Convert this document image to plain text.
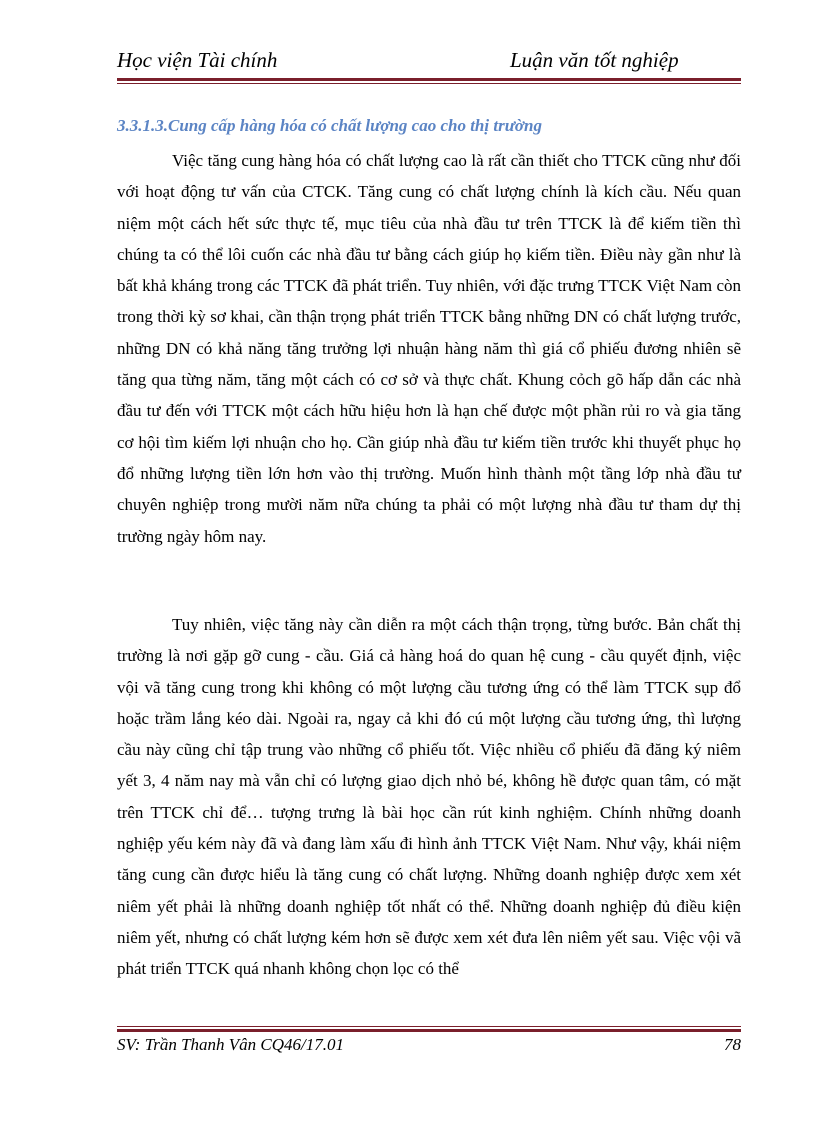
Học viện Tài chính	Luận văn tốt nghiệp
3.3.1.3.Cung cấp hàng hóa có chất lượng cao cho thị trường

Việc tăng cung hàng hóa có chất lượng cao là rất cần thiết cho TTCK cũng như đối với hoạt động tư vấn của CTCK. Tăng cung có chất lượng chính là kích cầu. Nếu quan niệm một cách hết sức thực tế, mục tiêu của nhà đầu tư trên TTCK là để kiếm tiền thì chúng ta có thể lôi cuốn các nhà đầu tư bằng cách giúp họ kiếm tiền. Điều này gần như là bất khả kháng trong các TTCK đã phát triển. Tuy nhiên, với đặc trưng TTCK Việt Nam còn trong thời kỳ sơ khai, cần thận trọng phát triển TTCK bằng những DN có chất lượng trước, những DN có khả năng tăng trưởng lợi nhuận hàng năm thì giá cổ phiếu đương nhiên sẽ tăng qua từng năm, tăng một cách có cơ sở và thực chất. Khung cỏch gõ hấp dẫn các nhà đầu tư đến với TTCK một cách hữu hiệu hơn là hạn chế được một phần rủi ro và gia tăng cơ hội tìm kiếm lợi nhuận cho họ. Cần giúp nhà đầu tư kiếm tiền trước khi thuyết phục họ đổ những lượng tiền lớn hơn vào thị trường. Muốn hình thành một tầng lớp nhà đầu tư chuyên nghiệp trong mười năm nữa chúng ta phải có một lượng nhà đầu tư tham dự thị trường ngày hôm nay.

Tuy nhiên, việc tăng này cần diễn ra một cách thận trọng, từng bước. Bản chất thị trường là nơi gặp gỡ cung - cầu. Giá cả hàng hoá do quan hệ cung - cầu quyết định, việc vội vã tăng cung trong khi không có một lượng cầu tương ứng có thể làm TTCK sụp đổ hoặc trầm lắng kéo dài. Ngoài ra, ngay cả khi đó cú một lượng cầu tương ứng, thì lượng cầu này cũng chỉ tập trung vào những cổ phiếu tốt. Việc nhiều cổ phiếu đã đăng ký niêm yết 3, 4 năm nay mà vẫn chỉ có lượng giao dịch nhỏ bé, không hề được quan tâm, có mặt trên TTCK chỉ để… tượng trưng là bài học cần rút kinh nghiệm. Chính những doanh nghiệp yếu kém này đã và đang làm xấu đi hình ảnh TTCK Việt Nam. Như vậy, khái niệm tăng cung cần được hiểu là tăng cung có chất lượng. Những doanh nghiệp được xem xét niêm yết phải là những doanh nghiệp tốt nhất có thể. Những doanh nghiệp đủ điều kiện niêm yết, nhưng có chất lượng kém hơn sẽ được xem xét đưa lên niêm yết sau. Việc vội vã phát triển TTCK quá nhanh không chọn lọc có thể

SV: Trần Thanh Vân CQ46/17.01	78
